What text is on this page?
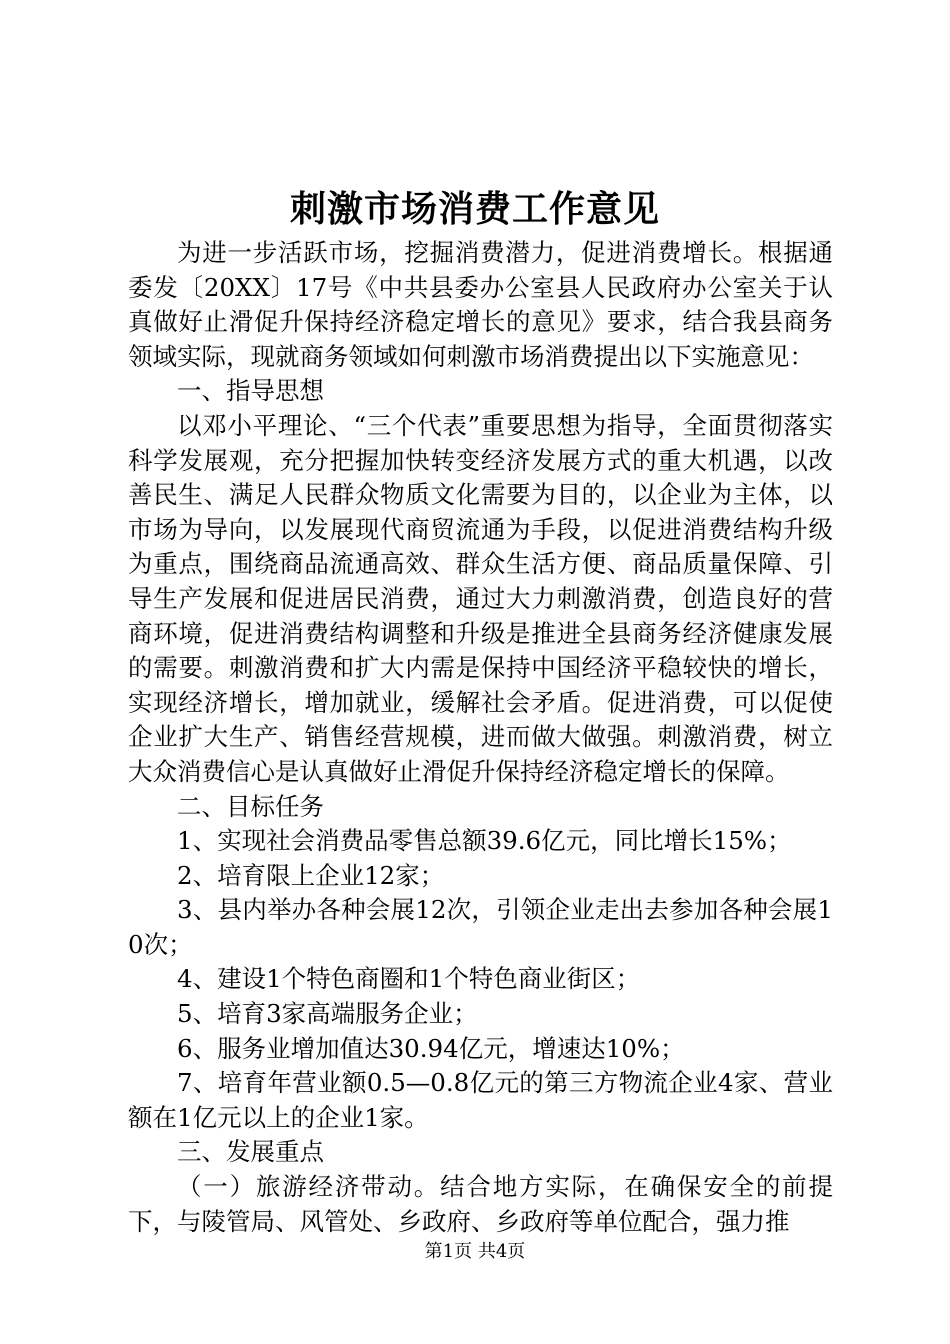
刺激市场消费工作意见

为进一步活跃市场，挖掘消费潜力，促进消费增长。根据通委发〔20XX〕17号《中共县委办公室县人民政府办公室关于认真做好止滑促升保持经济稳定增长的意见》要求，结合我县商务领域实际，现就商务领域如何刺激市场消费提出以下实施意见：

一、指导思想

以邓小平理论、“三个代表”重要思想为指导，全面贯彻落实科学发展观，充分把握加快转变经济发展方式的重大机遇，以改善民生、满足人民群众物质文化需要为目的，以企业为主体，以市场为导向，以发展现代商贸流通为手段，以促进消费结构升级为重点，围绕商品流通高效、群众生活方便、商品质量保障、引导生产发展和促进居民消费，通过大力刺激消费，创造良好的营商环境，促进消费结构调整和升级是推进全县商务经济健康发展的需要。刺激消费和扩大内需是保持中国经济平稳较快的增长，实现经济增长，增加就业，缓解社会矛盾。促进消费，可以促使企业扩大生产、销售经营规模，进而做大做强。刺激消费，树立大众消费信心是认真做好止滑促升保持经济稳定增长的保障。

二、目标任务

1、实现社会消费品零售总额39.6亿元，同比增长15%；

2、培育限上企业12家；

3、县内举办各种会展12次，引领企业走出去参加各种会展10次；

4、建设1个特色商圈和1个特色商业街区；

5、培育3家高端服务企业；

6、服务业增加值达30.94亿元，增速达10%；

7、培育年营业额0.5—0.8亿元的第三方物流企业4家、营业额在1亿元以上的企业1家。

三、发展重点

（一）旅游经济带动。结合地方实际，在确保安全的前提下，与陵管局、风管处、乡政府、乡政府等单位配合，强力推

第1页 共4页
